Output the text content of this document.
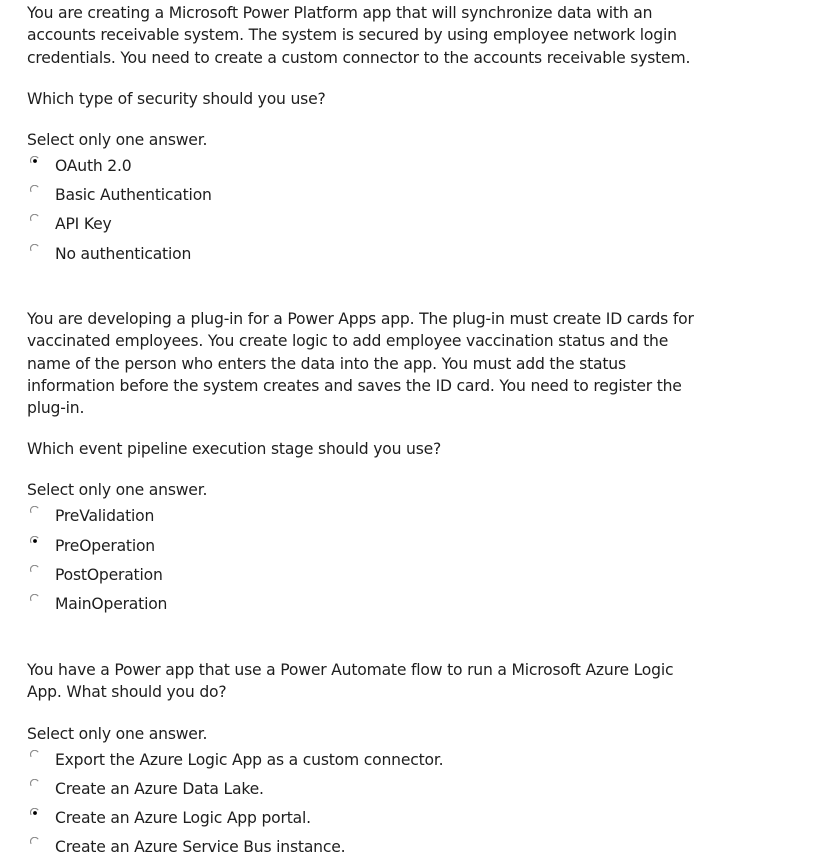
You are creating a Microsoft Power Platform app that will synchronize data with an accounts receivable system. The system is secured by using employee network login credentials. You need to create a custom connector to the accounts receivable system.

Which type of security should you use?

Select only one answer.

OAuth 2.0
Basic Authentication
API Key
No authentication

You are developing a plug-in for a Power Apps app. The plug-in must create ID cards for vaccinated employees. You create logic to add employee vaccination status and the name of the person who enters the data into the app. You must add the status information before the system creates and saves the ID card. You need to register the plug-in.

Which event pipeline execution stage should you use?

Select only one answer.

PreValidation
PreOperation
PostOperation
MainOperation

You have a Power app that use a Power Automate flow to run a Microsoft Azure Logic App. What should you do?

Select only one answer.

Export the Azure Logic App as a custom connector.
Create an Azure Data Lake.
Create an Azure Logic App portal.
Create an Azure Service Bus instance.
